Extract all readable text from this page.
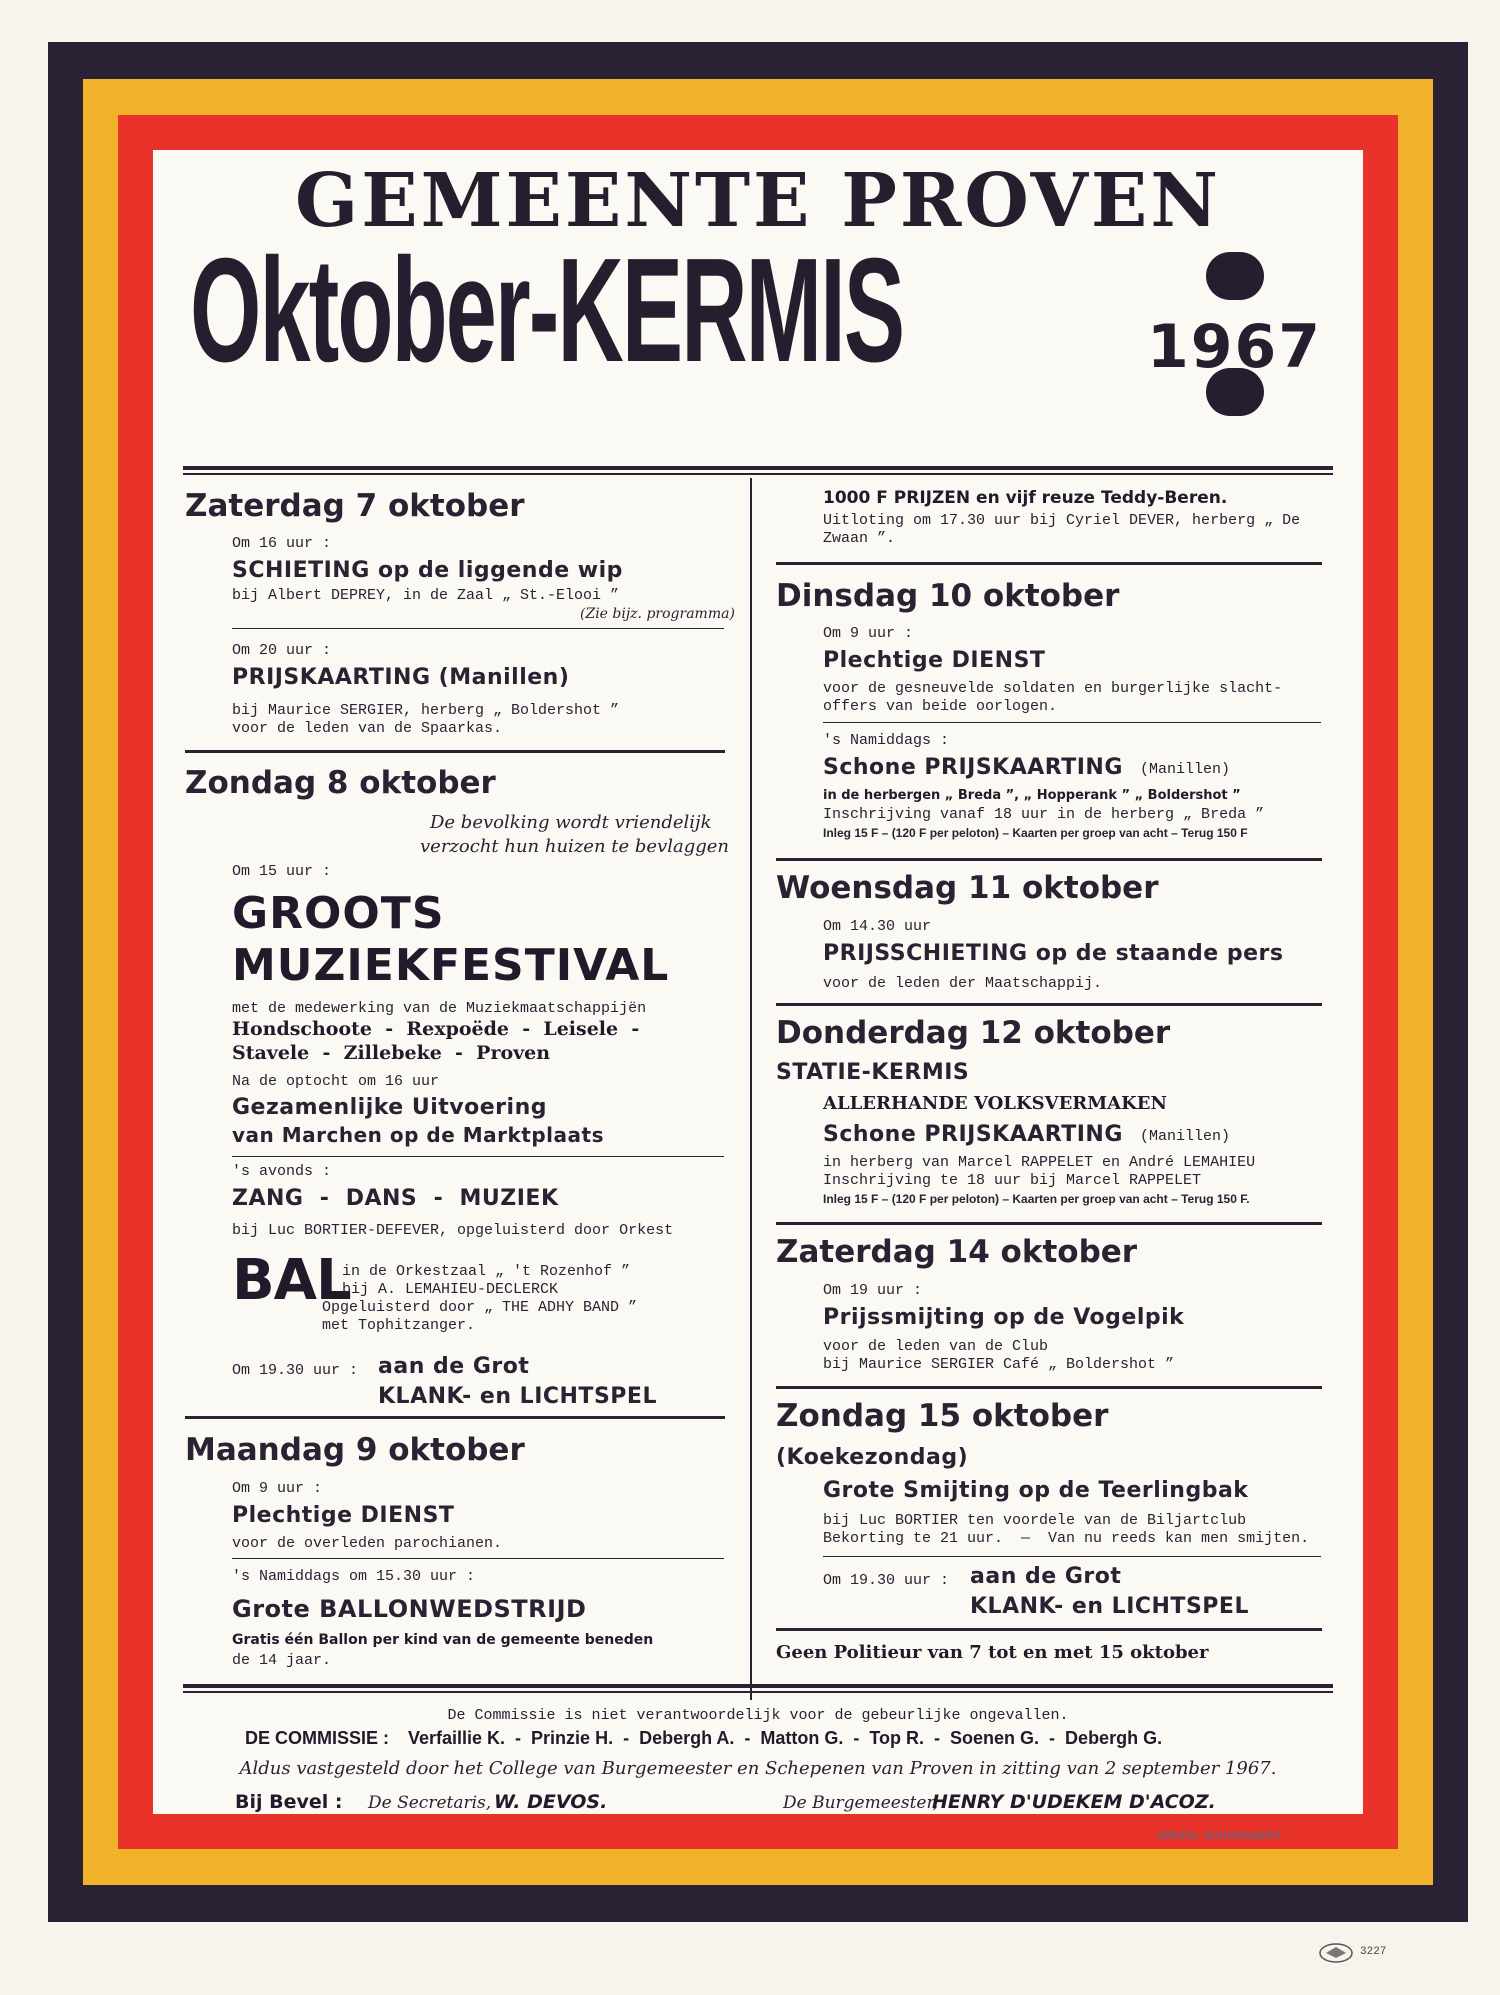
GEMEENTE PROVEN
Oktober-KERMIS	1967
Zaterdag 7 oktober
Om 16 uur :
SCHIETING op de liggende wip
bij Albert DEPREY, in de Zaal „ St.-Elooi ”
(Zie bijz. programma)
Om 20 uur :
PRIJSKAARTING (Manillen)
bij Maurice SERGIER, herberg „ Boldershot ”
voor de leden van de Spaarkas.
Zondag 8 oktober
De bevolking wordt vriendelijk
verzocht hun huizen te bevlaggen
Om 15 uur :
GROOTS
MUZIEKFESTIVAL
met de medewerking van de Muziekmaatschappijën
Hondschoote  -  Rexpoëde  -  Leisele  -
Stavele  -  Zillebeke  -  Proven
Na de optocht om 16 uur
Gezamenlijke Uitvoering
van Marchen op de Marktplaats
's avonds :
ZANG  -  DANS  -  MUZIEK
bij Luc BORTIER-DEFEVER, opgeluisterd door Orkest
BAL
in de Orkestzaal „ 't Rozenhof ”
bij A. LEMAHIEU-DECLERCK
Opgeluisterd door „ THE ADHY BAND ”
met Tophitzanger.
Om 19.30 uur : aan de Grot
KLANK- en LICHTSPEL
Maandag 9 oktober
Om 9 uur :
Plechtige DIENST
voor de overleden parochianen.
's Namiddags om 15.30 uur :
Grote BALLONWEDSTRIJD
Gratis één Ballon per kind van de gemeente beneden
de 14 jaar.
1000 F PRIJZEN en vijf reuze Teddy-Beren.
Uitloting om 17.30 uur bij Cyriel DEVER, herberg „ De
Zwaan ”.
Dinsdag 10 oktober
Om 9 uur :
Plechtige DIENST
voor de gesneuvelde soldaten en burgerlijke slacht-
offers van beide oorlogen.
's Namiddags :
Schone PRIJSKAARTING (Manillen)
in de herbergen „ Breda ”, „ Hopperank ” „ Boldershot ”
Inschrijving vanaf 18 uur in de herberg „ Breda ”
Inleg 15 F – (120 F per peloton) – Kaarten per groep van acht – Terug 150 F
Woensdag 11 oktober
Om 14.30 uur
PRIJSSCHIETING op de staande pers
voor de leden der Maatschappij.
Donderdag 12 oktober
STATIE-KERMIS
ALLERHANDE VOLKSVERMAKEN
Schone PRIJSKAARTING (Manillen)
in herberg van Marcel RAPPELET en André LEMAHIEU
Inschrijving te 18 uur bij Marcel RAPPELET
Inleg 15 F – (120 F per peloton) – Kaarten per groep van acht – Terug 150 F.
Zaterdag 14 oktober
Om 19 uur :
Prijssmijting op de Vogelpik
voor de leden van de Club
bij Maurice SERGIER Café „ Boldershot ”
Zondag 15 oktober
(Koekezondag)
Grote Smijting op de Teerlingbak
bij Luc BORTIER ten voordele van de Biljartclub
Bekorting te 21 uur.  —  Van nu reeds kan men smijten.
Om 19.30 uur : aan de Grot
KLANK- en LICHTSPEL
Geen Politieur van 7 tot en met 15 oktober
De Commissie is niet verantwoordelijk voor de gebeurlijke ongevallen.
DE COMMISSIE : Verfaillie K.  -  Prinzie H.  -  Debergh A.  -  Matton G.  -  Top R.  -  Soenen G.  -  Debergh G.
Aldus vastgesteld door het College van Burgemeester en Schepenen van Proven in zitting van 2 september 1967.
Bij Bevel : De Secretaris, W. DEVOS.	De Burgemeester,
HENRY D'UDEKEM D'ACOZ.
DRUKK. SCHOONAERT
3227
